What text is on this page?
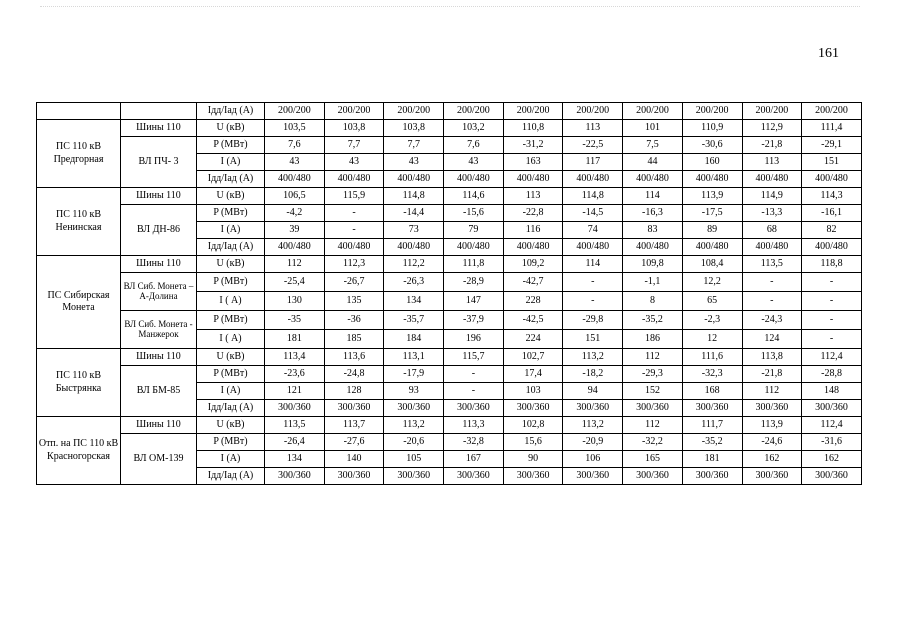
161
		Iдд/Iад (А)	200/200	200/200	200/200	200/200	200/200	200/200	200/200	200/200	200/200	200/200
ПС 110 кВ Предгорная	Шины 110	U (кВ)	103,5	103,8	103,8	103,2	110,8	113	101	110,9	112,9	111,4
	ВЛ ПЧ- 3	P (МВт)	7,6	7,7	7,7	7,6	-31,2	-22,5	7,5	-30,6	-21,8	-29,1
		I (А)	43	43	43	43	163	117	44	160	113	151
		Iдд/Iад (А)	400/480	400/480	400/480	400/480	400/480	400/480	400/480	400/480	400/480	400/480
ПС 110 кВ Ненинская	Шины 110	U (кВ)	106,5	115,9	114,8	114,6	113	114,8	114	113,9	114,9	114,3
	ВЛ ДН-86	P (МВт)	-4,2	-	-14,4	-15,6	-22,8	-14,5	-16,3	-17,5	-13,3	-16,1
		I (А)	39	-	73	79	116	74	83	89	68	82
		Iдд/Iад (А)	400/480	400/480	400/480	400/480	400/480	400/480	400/480	400/480	400/480	400/480
ПС Сибирская Монета	Шины 110	U (кВ)	112	112,3	112,2	111,8	109,2	114	109,8	108,4	113,5	118,8
	ВЛ Сиб. Монета – А-Долина	P (МВт)	-25,4	-26,7	-26,3	-28,9	-42,7	-	-1,1	12,2	-	-
		I ( А)	130	135	134	147	228	-	8	65	-	-
	ВЛ Сиб. Монета - Манжерок	P (МВт)	-35	-36	-35,7	-37,9	-42,5	-29,8	-35,2	-2,3	-24,3	-
		I ( А)	181	185	184	196	224	151	186	12	124	-
ПС 110 кВ Быстрянка	Шины 110	U (кВ)	113,4	113,6	113,1	115,7	102,7	113,2	112	111,6	113,8	112,4
	ВЛ БМ-85	P (МВт)	-23,6	-24,8	-17,9	-	17,4	-18,2	-29,3	-32,3	-21,8	-28,8
		I (А)	121	128	93	-	103	94	152	168	112	148
		Iдд/Iад (А)	300/360	300/360	300/360	300/360	300/360	300/360	300/360	300/360	300/360	300/360
Отп. на ПС 110 кВ Красногорская	Шины 110	U (кВ)	113,5	113,7	113,2	113,3	102,8	113,2	112	111,7	113,9	112,4
	ВЛ ОМ-139	P (МВт)	-26,4	-27,6	-20,6	-32,8	15,6	-20,9	-32,2	-35,2	-24,6	-31,6
		I (А)	134	140	105	167	90	106	165	181	162	162
		Iдд/Iад (А)	300/360	300/360	300/360	300/360	300/360	300/360	300/360	300/360	300/360	300/360
